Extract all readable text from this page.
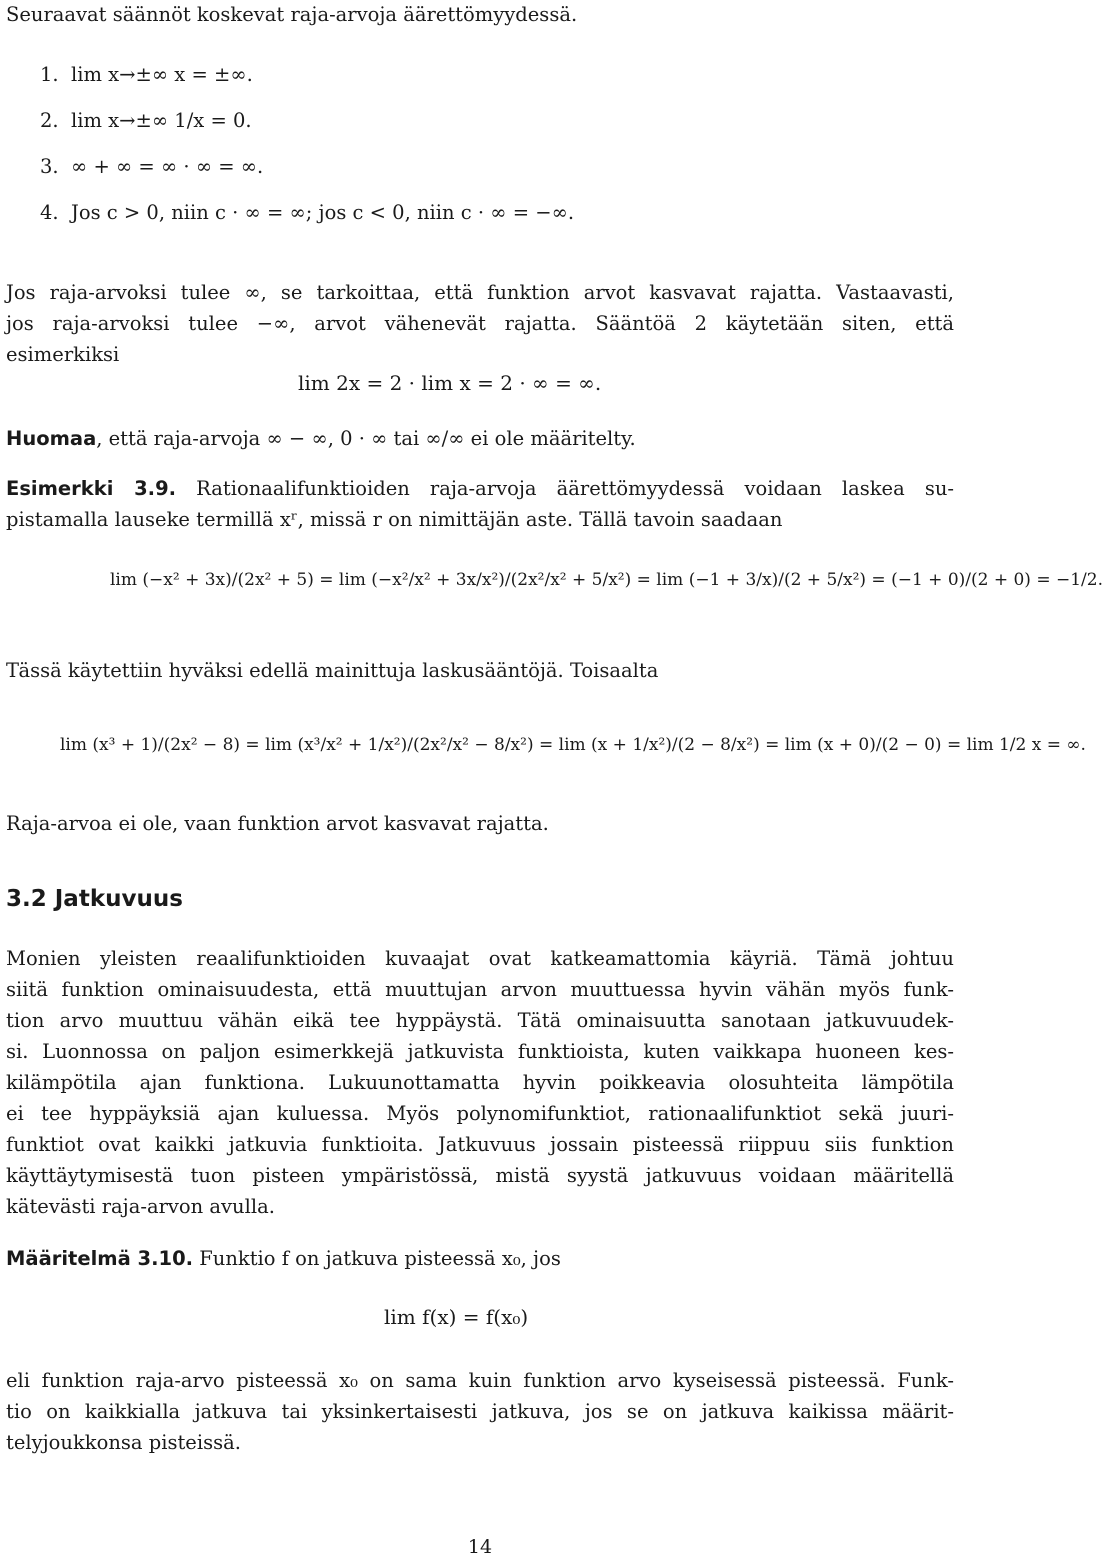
Seuraavat säännöt koskevat raja-arvoja äärettömyydessä.

1. lim x→±∞ x = ±∞.

2. lim x→±∞ 1/x = 0.

3. ∞ + ∞ = ∞ · ∞ = ∞.

4. Jos c > 0, niin c · ∞ = ∞; jos c < 0, niin c · ∞ = −∞.

Jos raja-arvoksi tulee ∞, se tarkoittaa, että funktion arvot kasvavat rajatta. Vastaavasti,

jos raja-arvoksi tulee −∞, arvot vähenevät rajatta. Sääntöä 2 käytetään siten, että

esimerkiksi

lim 2x = 2 · lim x = 2 · ∞ = ∞.

Huomaa, että raja-arvoja ∞ − ∞, 0 · ∞ tai ∞/∞ ei ole määritelty.

Esimerkki 3.9. Rationaalifunktioiden raja-arvoja äärettömyydessä voidaan laskea su-

pistamalla lauseke termillä xʳ, missä r on nimittäjän aste. Tällä tavoin saadaan

lim (−x² + 3x)/(2x² + 5) = lim (−x²/x² + 3x/x²)/(2x²/x² + 5/x²) = lim (−1 + 3/x)/(2 + 5/x²) = (−1 + 0)/(2 + 0) = −1/2.

Tässä käytettiin hyväksi edellä mainittuja laskusääntöjä. Toisaalta

lim (x³ + 1)/(2x² − 8) = lim (x³/x² + 1/x²)/(2x²/x² − 8/x²) = lim (x + 1/x²)/(2 − 8/x²) = lim (x + 0)/(2 − 0) = lim 1/2 x = ∞.

Raja-arvoa ei ole, vaan funktion arvot kasvavat rajatta.

3.2 Jatkuvuus

Monien yleisten reaalifunktioiden kuvaajat ovat katkeamattomia käyriä. Tämä johtuu

siitä funktion ominaisuudesta, että muuttujan arvon muuttuessa hyvin vähän myös funk-

tion arvo muuttuu vähän eikä tee hyppäystä. Tätä ominaisuutta sanotaan jatkuvuudek-

si. Luonnossa on paljon esimerkkejä jatkuvista funktioista, kuten vaikkapa huoneen kes-

kilämpötila ajan funktiona. Lukuunottamatta hyvin poikkeavia olosuhteita lämpötila

ei tee hyppäyksiä ajan kuluessa. Myös polynomifunktiot, rationaalifunktiot sekä juuri-

funktiot ovat kaikki jatkuvia funktioita. Jatkuvuus jossain pisteessä riippuu siis funktion

käyttäytymisestä tuon pisteen ympäristössä, mistä syystä jatkuvuus voidaan määritellä

kätevästi raja-arvon avulla.

Määritelmä 3.10. Funktio f on jatkuva pisteessä x₀, jos

lim f(x) = f(x₀)

eli funktion raja-arvo pisteessä x₀ on sama kuin funktion arvo kyseisessä pisteessä. Funk-

tio on kaikkialla jatkuva tai yksinkertaisesti jatkuva, jos se on jatkuva kaikissa määrit-

telyjoukkonsa pisteissä.

14
